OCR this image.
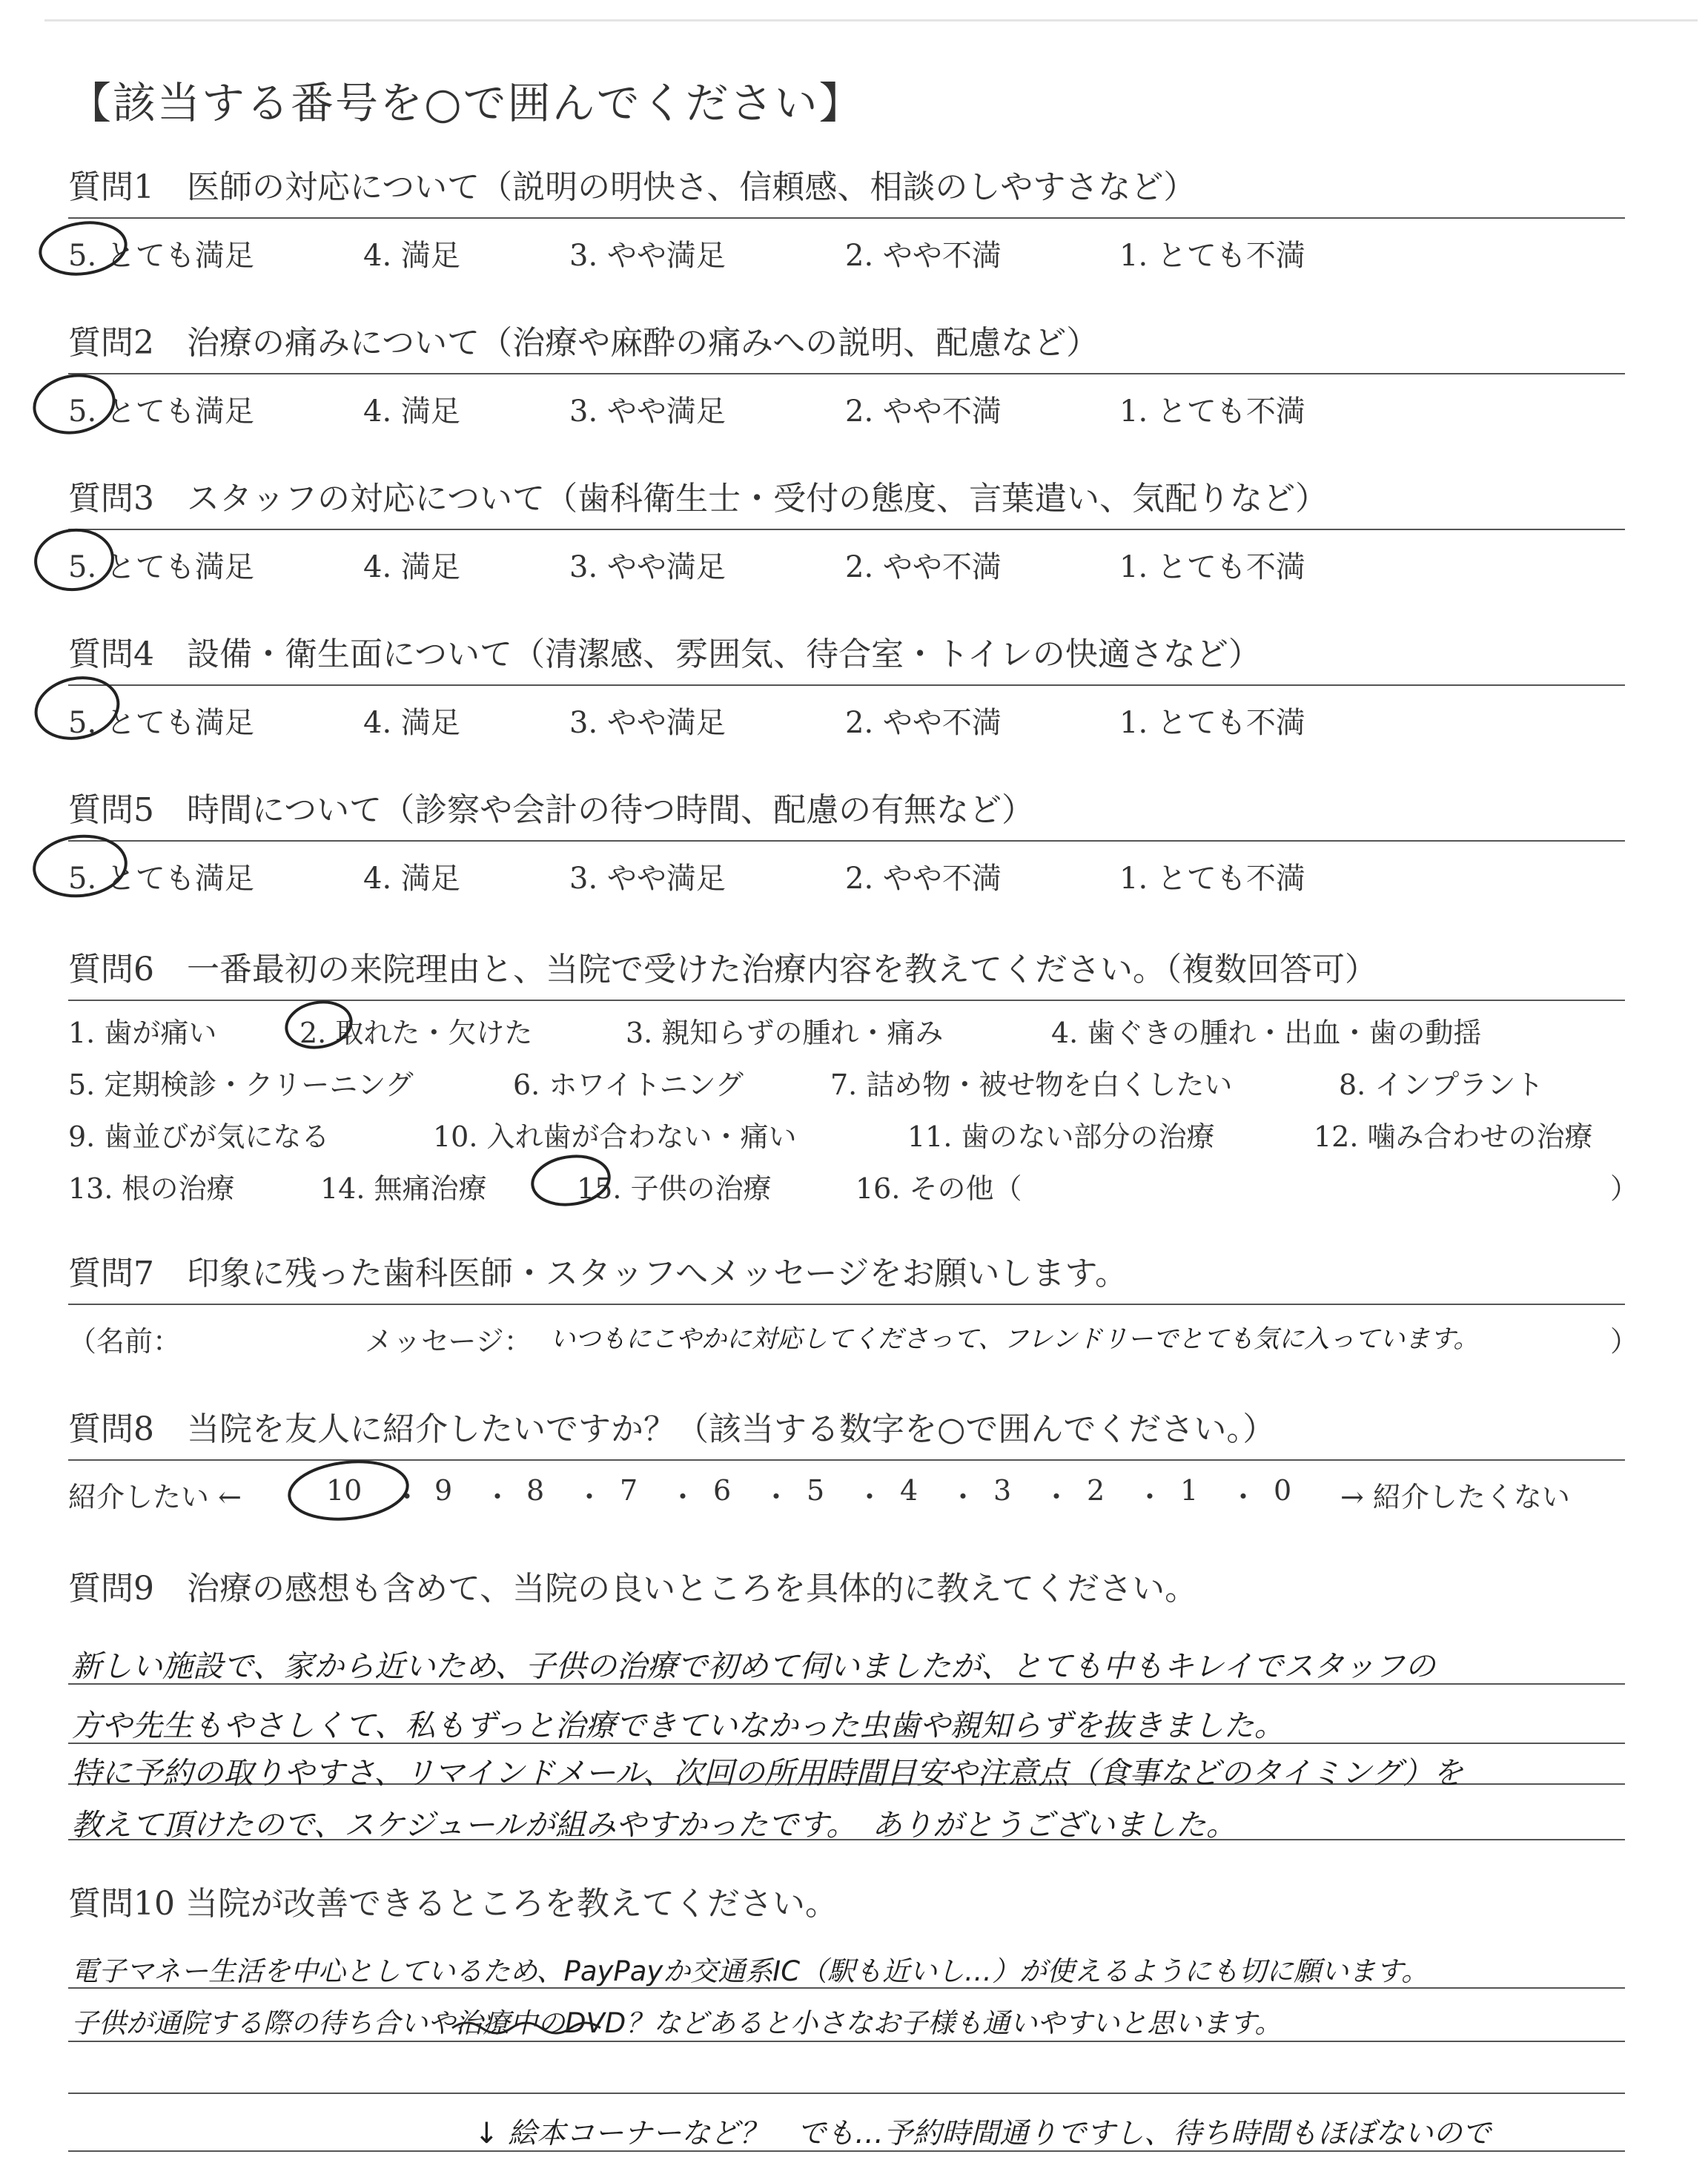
【該当する番号を○で囲んでください】
質問1　医師の対応について（説明の明快さ、信頼感、相談のしやすさなど）
5. とても満足	4. 満足	3. やや満足	2. やや不満	1. とても不満
質問2　治療の痛みについて（治療や麻酔の痛みへの説明、配慮など）
5. とても満足	4. 満足	3. やや満足	2. やや不満	1. とても不満
質問3　スタッフの対応について（歯科衛生士・受付の態度、言葉遣い、気配りなど）
5. とても満足	4. 満足	3. やや満足	2. やや不満	1. とても不満
質問4　設備・衛生面について（清潔感、雰囲気、待合室・トイレの快適さなど）
5. とても満足	4. 満足	3. やや満足	2. やや不満	1. とても不満
質問5　時間について（診察や会計の待つ時間、配慮の有無など）
5. とても満足	4. 満足	3. やや満足	2. やや不満	1. とても不満
質問6　一番最初の来院理由と、当院で受けた治療内容を教えてください。（複数回答可）
1. 歯が痛い	2. 取れた・欠けた	3. 親知らずの腫れ・痛み	4. 歯ぐきの腫れ・出血・歯の動揺
5. 定期検診・クリーニング	6. ホワイトニング	7. 詰め物・被せ物を白くしたい	8. インプラント
9. 歯並びが気になる	10. 入れ歯が合わない・痛い	11. 歯のない部分の治療	12. 噛み合わせの治療
13. 根の治療	14. 無痛治療	15. 子供の治療	16. その他（	）
質問7　印象に残った歯科医師・スタッフへメッセージをお願いします。
（名前：	メッセージ： いつもにこやかに対応してくださって、フレンドリーでとても気に入っています。	）
質問8　当院を友人に紹介したいですか？（該当する数字を○で囲んでください。）
紹介したい ←	10 ・ 9 ・ 8 ・ 7 ・ 6 ・ 5 ・ 4 ・ 3 ・ 2 ・ 1 ・ 0 → 紹介したくない
質問9　治療の感想も含めて、当院の良いところを具体的に教えてください。
新しい施設で、家から近いため、子供の治療で初めて伺いましたが、とても中もキレイでスタッフの
方や先生もやさしくて、私もずっと治療できていなかった虫歯や親知らずを抜きました。
特に予約の取りやすさ、リマインドメール、次回の所用時間目安や注意点（食事などのタイミング）を
教えて頂けたので、スケジュールが組みやすかったです。　ありがとうございました。
質問10 当院が改善できるところを教えてください。
電子マネー生活を中心としているため、PayPayか交通系IC（駅も近いし…）が使えるようにも切に願います。
子供が通院する際の待ち合いや治療中のDVD？などあると小さなお子様も通いやすいと思います。
↓ 絵本コーナーなど？　でも…予約時間通りですし、待ち時間もほぼないので
